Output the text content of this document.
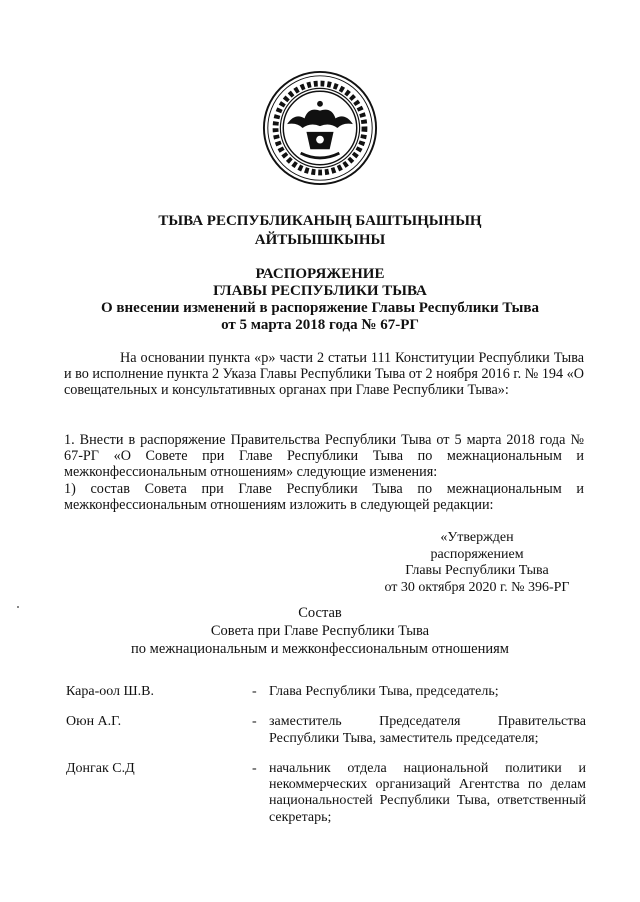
ТЫВА РЕСПУБЛИКАНЫҢ БАШТЫҢЫНЫҢ
АЙТЫЫШКЫНЫ
РАСПОРЯЖЕНИЕ
ГЛАВЫ РЕСПУБЛИКИ ТЫВА
О внесении изменений в распоряжение Главы Республики Тыва
от 5 марта 2018 года № 67-РГ
На основании пункта «р» части 2 статьи 111 Конституции Республики Тыва и во исполнение пункта 2 Указа Главы Республики Тыва от 2 ноября 2016 г. № 194 «О совещательных и консультативных органах при Главе Республики Тыва»:
1. Внести в распоряжение Правительства Республики Тыва от 5 марта 2018 года № 67-РГ «О Совете при Главе Республики Тыва по межнациональным и межконфессиональным отношениям» следующие изменения:
1) состав Совета при Главе Республики Тыва по межнациональным и межконфессиональным отношениям изложить в следующей редакции:
«Утвержден
распоряжением
Главы Республики Тыва
от 30 октября 2020 г. № 396-РГ
Состав
Совета при Главе Республики Тыва
по межнациональным и межконфессиональным отношениям
Кара-оол Ш.В.	- Глава Республики Тыва, председатель;
Оюн А.Г.	- заместитель Председателя Правительства Республики Тыва, заместитель председателя;
Донгак С.Д	- начальник отдела национальной политики и некоммерческих организаций Агентства по делам национальностей Республики Тыва, ответственный секретарь;
